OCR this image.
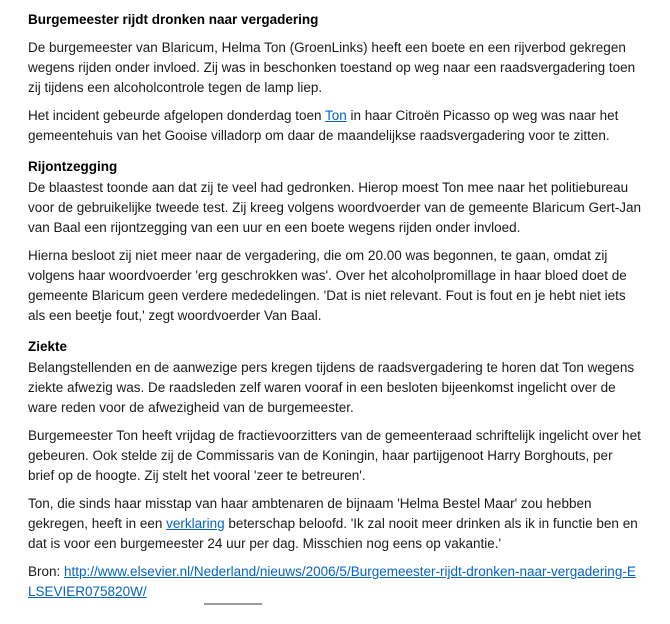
Burgemeester rijdt dronken naar vergadering

De burgemeester van Blaricum, Helma Ton (GroenLinks) heeft een boete en een rijverbod gekregen wegens rijden onder invloed. Zij was in beschonken toestand op weg naar een raadsvergadering toen zij tijdens een alcoholcontrole tegen de lamp liep.

Het incident gebeurde afgelopen donderdag toen Ton in haar Citroën Picasso op weg was naar het gemeentehuis van het Gooise villadorp om daar de maandelijkse raadsvergadering voor te zitten.

Rijontzegging

De blaastest toonde aan dat zij te veel had gedronken. Hierop moest Ton mee naar het politiebureau voor de gebruikelijke tweede test. Zij kreeg volgens woordvoerder van de gemeente Blaricum Gert-Jan van Baal een rijontzegging van een uur en een boete wegens rijden onder invloed.

Hierna besloot zij niet meer naar de vergadering, die om 20.00 was begonnen, te gaan, omdat zij volgens haar woordvoerder 'erg geschrokken was'. Over het alcoholpromillage in haar bloed doet de gemeente Blaricum geen verdere mededelingen. 'Dat is niet relevant. Fout is fout en je hebt niet iets als een beetje fout,' zegt woordvoerder Van Baal.

Ziekte

Belangstellenden en de aanwezige pers kregen tijdens de raadsvergadering te horen dat Ton wegens ziekte afwezig was. De raadsleden zelf waren vooraf in een besloten bijeenkomst ingelicht over de ware reden voor de afwezigheid van de burgemeester.

Burgemeester Ton heeft vrijdag de fractievoorzitters van de gemeenteraad schriftelijk ingelicht over het gebeuren. Ook stelde zij de Commissaris van de Koningin, haar partijgenoot Harry Borghouts, per brief op de hoogte. Zij stelt het vooral 'zeer te betreuren'.

Ton, die sinds haar misstap van haar ambtenaren de bijnaam 'Helma Bestel Maar' zou hebben gekregen, heeft in een verklaring beterschap beloofd. 'Ik zal nooit meer drinken als ik in functie ben en dat is voor een burgemeester 24 uur per dag. Misschien nog eens op vakantie.'

Bron: http://www.elsevier.nl/Nederland/nieuws/2006/5/Burgemeester-rijdt-dronken-naar-vergadering-ELSEVIER075820W/
